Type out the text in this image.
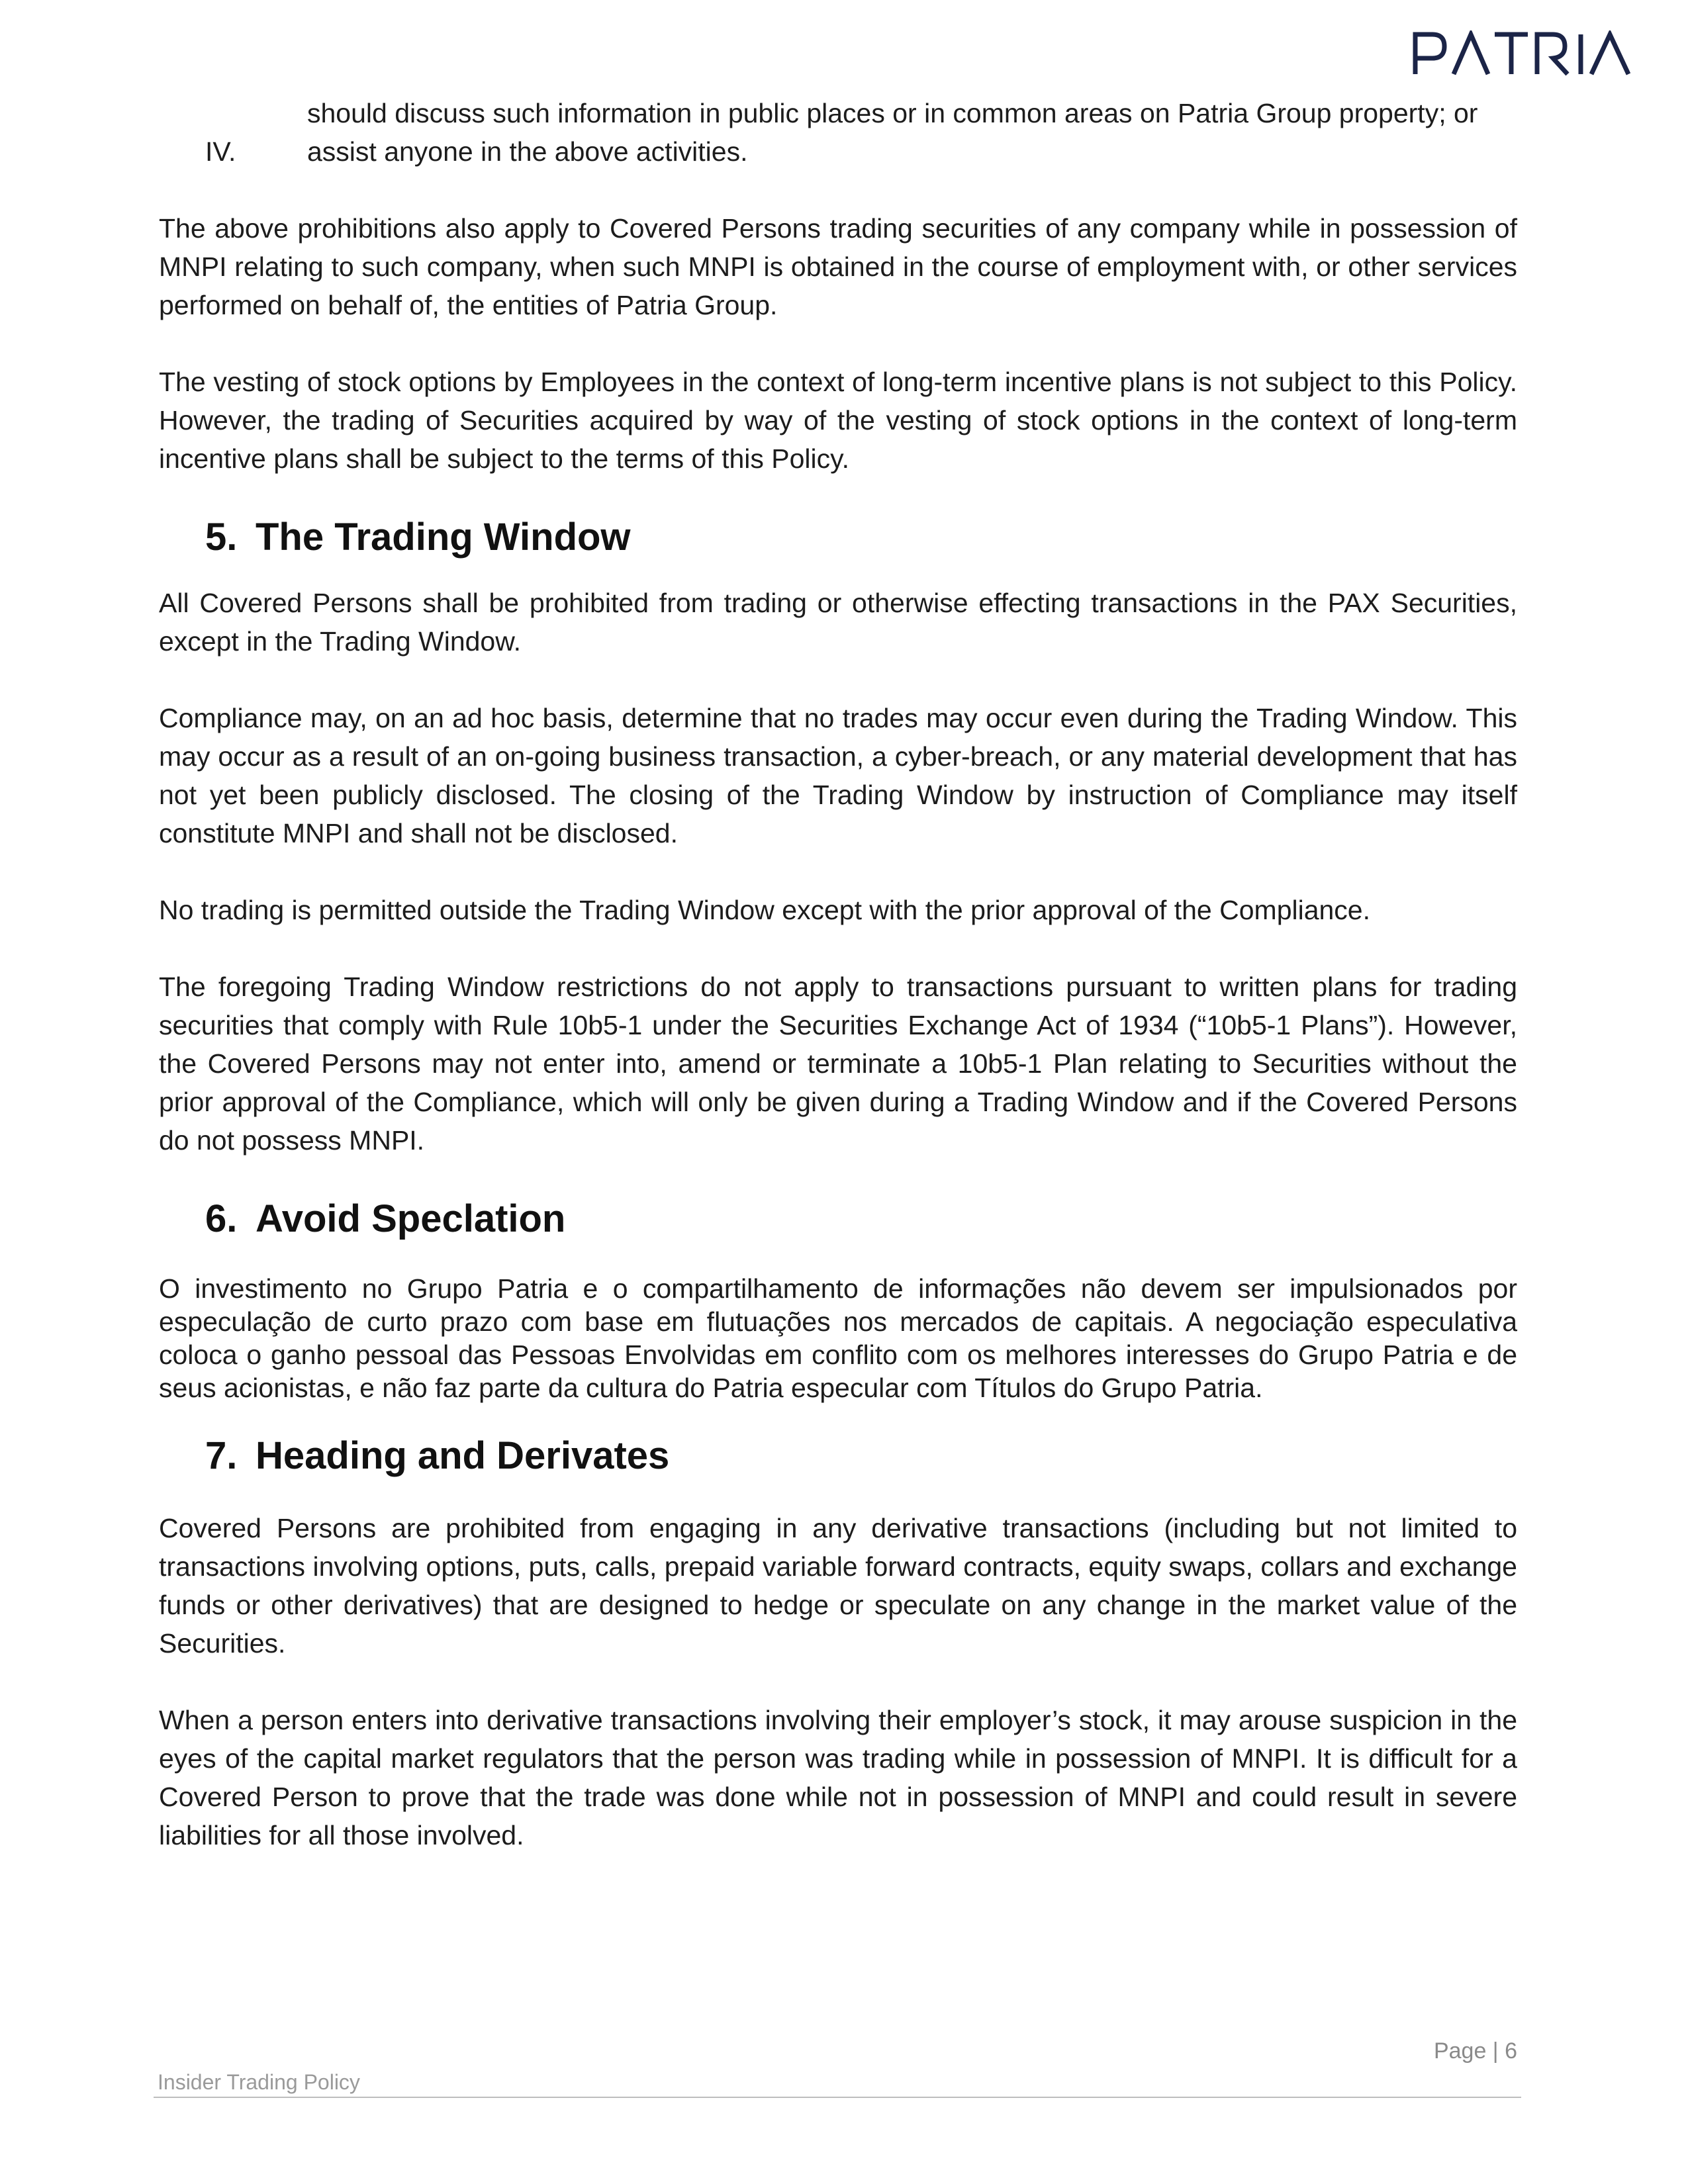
should discuss such information in public places or in common areas on Patria Group property; or
IV.	assist anyone in the above activities.

The above prohibitions also apply to Covered Persons trading securities of any company while in possession of MNPI relating to such company, when such MNPI is obtained in the course of employment with, or other services performed on behalf of, the entities of Patria Group.

The vesting of stock options by Employees in the context of long-term incentive plans is not subject to this Policy. However, the trading of Securities acquired by way of the vesting of stock options in the context of long-term incentive plans shall be subject to the terms of this Policy.

5. The Trading Window

All Covered Persons shall be prohibited from trading or otherwise effecting transactions in the PAX Securities, except in the Trading Window.

Compliance may, on an ad hoc basis, determine that no trades may occur even during the Trading Window. This may occur as a result of an on-going business transaction, a cyber-breach, or any material development that has not yet been publicly disclosed. The closing of the Trading Window by instruction of Compliance may itself constitute MNPI and shall not be disclosed.

No trading is permitted outside the Trading Window except with the prior approval of the Compliance.

The foregoing Trading Window restrictions do not apply to transactions pursuant to written plans for trading securities that comply with Rule 10b5-1 under the Securities Exchange Act of 1934 (“10b5-1 Plans”). However, the Covered Persons may not enter into, amend or terminate a 10b5-1 Plan relating to Securities without the prior approval of the Compliance, which will only be given during a Trading Window and if the Covered Persons do not possess MNPI.

6. Avoid Speclation

O investimento no Grupo Patria e o compartilhamento de informações não devem ser impulsionados por especulação de curto prazo com base em flutuações nos mercados de capitais. A negociação especulativa coloca o ganho pessoal das Pessoas Envolvidas em conflito com os melhores interesses do Grupo Patria e de seus acionistas, e não faz parte da cultura do Patria especular com Títulos do Grupo Patria.

7. Heading and Derivates

Covered Persons are prohibited from engaging in any derivative transactions (including but not limited to transactions involving options, puts, calls, prepaid variable forward contracts, equity swaps, collars and exchange funds or other derivatives) that are designed to hedge or speculate on any change in the market value of the Securities.

When a person enters into derivative transactions involving their employer’s stock, it may arouse suspicion in the eyes of the capital market regulators that the person was trading while in possession of MNPI. It is difficult for a Covered Person to prove that the trade was done while not in possession of MNPI and could result in severe liabilities for all those involved.

Page | 6
Insider Trading Policy
